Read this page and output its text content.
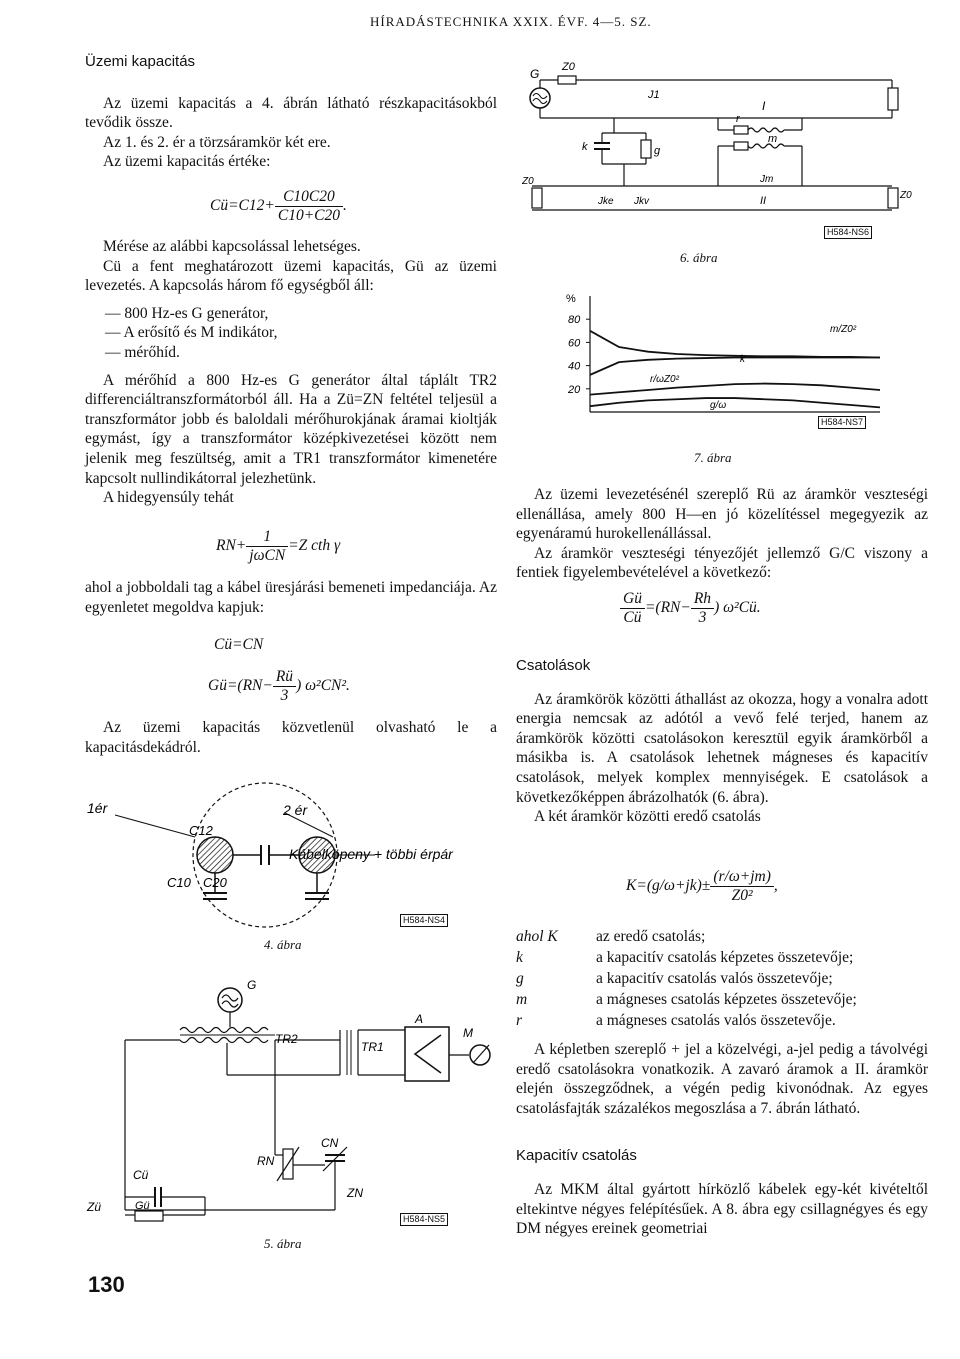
HÍRADÁSTECHNIKA XXIX. ÉVF. 4—5. SZ.

Üzemi kapacitás

Az üzemi kapacitás a 4. ábrán látható részkapacitásokból tevődik össze.

Az 1. és 2. ér a törzsáramkör két ere.

Az üzemi kapacitás értéke:

Cü=C12+ $\frac{C10C20}{C10+C20}$ .

Mérése az alábbi kapcsolással lehetséges.

Cü a fent meghatározott üzemi kapacitás, Gü az üzemi levezetés. A kapcsolás három fő egységből áll:

— 800 Hz-es G generátor,

— A erősítő és M indikátor,

— mérőhíd.

A mérőhíd a 800 Hz-es G generátor által táplált TR2 differenciáltranszformátorból áll. Ha a Zü=ZN feltétel teljesül a transzformátor jobb és baloldali mérőhurokjának áramai kioltják egymást, így a transzformátor középkivezetései között nem jelenik meg feszültség, amit a TR1 transzformátor kimenetére kapcsolt nullindikátorral jelezhetünk.

A hidegyensúly tehát

$RN+ \frac{1}{\text{jωCN}} =Z$ cth γ

ahol a jobboldali tag a kábel üresjárási bemeneti impedanciája. Az egyenletet megoldva kapjuk:

Cü=CN
Gü=(RN− $\frac{Rü}{3}$ ) ω²CN².

Az üzemi kapacitás közvetlenül olvasható le a kapacitásdekádról.

1ér	2 ér
C12
C10 C20
Kábelköpeny + többi érpár
H584-NS4
4. ábra
G
TR2
TR1
A
M
Cü
Gü
Zü
RN
CN
ZN
H584-NS5
5. ábra
130
G Z0
J1
I
r
m
k	g
Jke Jkv
Jm
II
Z0
Z0
H584-NS6
6. ábra
%
80
60
40
20
m/Z0²
k
r/ωZ0²
g/ω
H584-NS7
7. ábra

Az üzemi levezetésénél szereplő Rü az áramkör veszteségi ellenállása, amely 800 H—en jó közelítéssel megegyezik az egyenáramú hurokellenállással.

Az áramkör veszteségi tényezőjét jellemző G/C viszony a fentiek figyelembevételével a következő:

$\frac{Gü}{Cü} =(RN- \frac{Rh}{3}$ ) ω²Cü.

Csatolások

Az áramkörök közötti áthallást az okozza, hogy a vonalra adott energia nemcsak az adótól a vevő felé terjed, hanem az áramkörök közötti csatolásokon keresztül egyik áramkörből a másikba is. A csatolások lehetnek mágneses és kapacitív csatolások, melyek komplex mennyiségek. E csatolások a következőképpen ábrázolhatók (6. ábra).

A két áramkör közötti eredő csatolás

$K=(g/\omega+jk)\pm \frac{(r/\omega+jm)}{\text{Z0²}}$ ,
ahol K	az eredő csatolás;
k	a kapacitív csatolás képzetes összetevője;
g	a kapacitív csatolás valós összetevője;
m	a mágneses csatolás képzetes összetevője;
r	a mágneses csatolás valós összetevője.

A képletben szereplő + jel a közelvégi, a-jel pedig a távolvégi eredő csatolásokra vonatkozik. A zavaró áramok a II. áramkör elején összegződnek, a végén pedig kivonódnak. Az egyes csatolásfajták százalékos megoszlása a 7. ábrán látható.

Kapacitív csatolás

Az MKM által gyártott hírközlő kábelek egy-két kivételtől eltekintve négyes felépítésűek. A 8. ábra egy csillagnégyes és egy DM négyes ereinek geometriai
